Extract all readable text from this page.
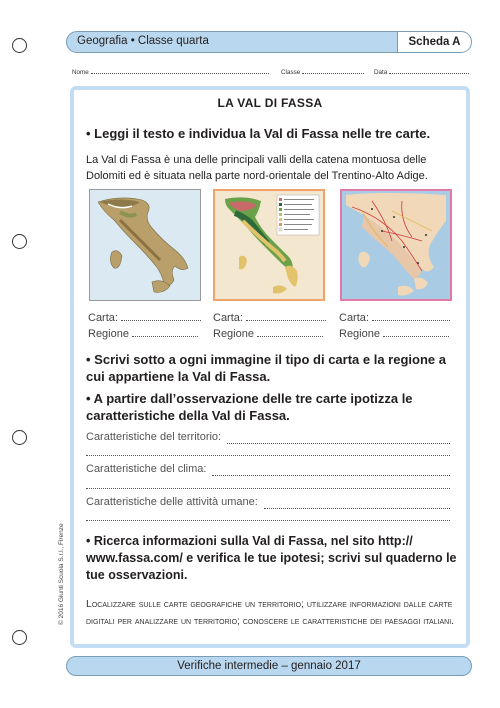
Geografia • Classe quarta	Scheda A
Nome	Classe	Data
LA VAL DI FASSA
• Leggi il testo e individua la Val di Fassa nelle tre carte.
La Val di Fassa è una delle principali valli della catena montuosa delle Dolomiti ed è situata nella parte nord-orientale del Trentino-Alto Adige.
Carta:
Regione
Carta:
Regione
Carta:
Regione
• Scrivi sotto a ogni immagine il tipo di carta e la regione a cui appartiene la Val di Fassa.
• A partire dall’osservazione delle tre carte ipotizza le caratteristiche della Val di Fassa.
Caratteristiche del territorio:
Caratteristiche del clima:
Caratteristiche delle attività umane:
• Ricerca informazioni sulla Val di Fassa, nel sito http:// www.fassa.com/ e verifica le tue ipotesi; scrivi sul quaderno le tue osservazioni.
Localizzare sulle carte geografiche un territorio; utilizzare informazioni dalle carte digitali per analizzare un territorio; conoscere le caratteristiche dei paesaggi italiani.
© 2016 Giunti Scuola S.r.l., Firenze
Verifiche intermedie – gennaio 2017
